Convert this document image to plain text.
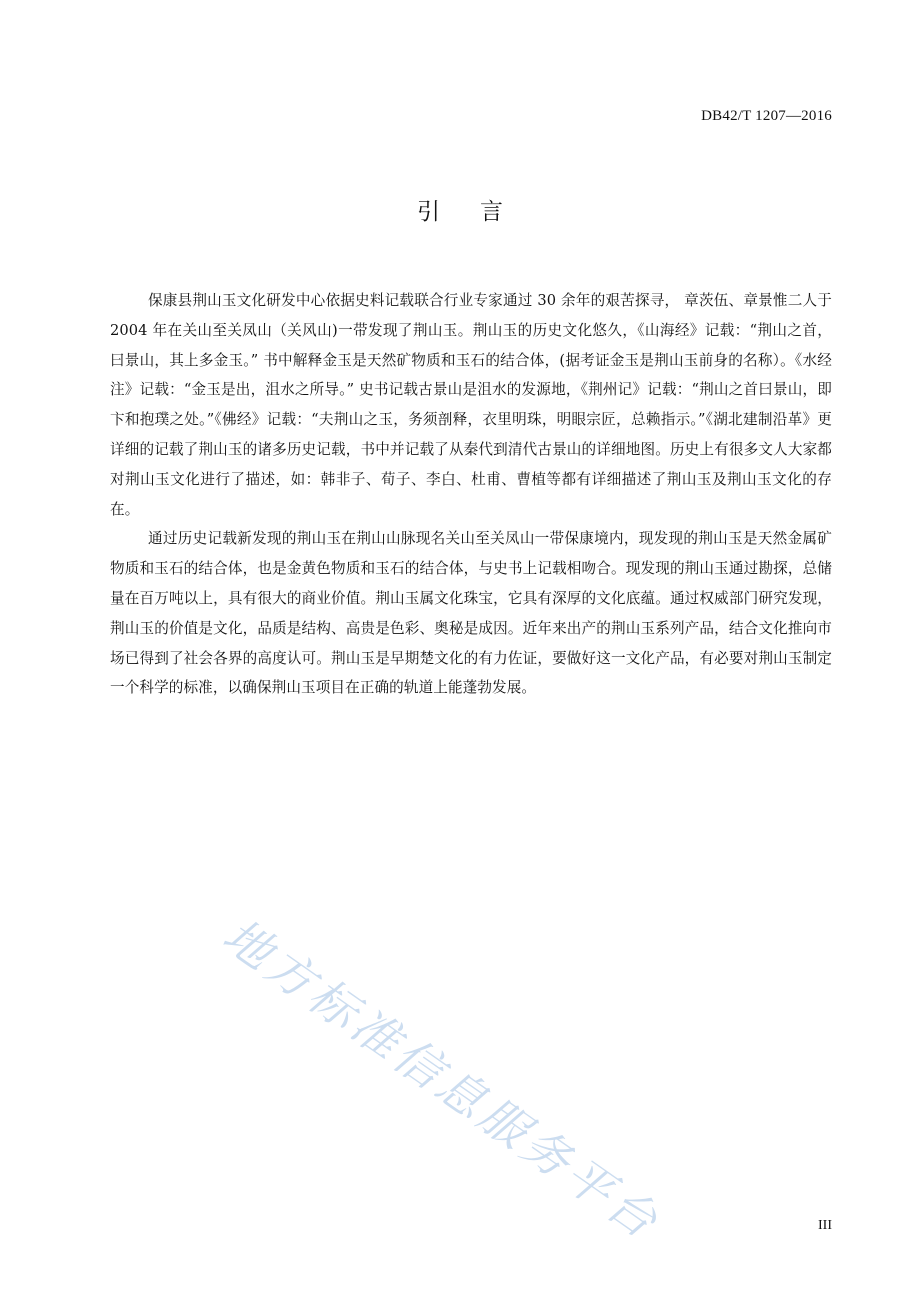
DB42/T 1207—2016
引言

保康县荆山玉文化研发中心依据史料记载联合行业专家通过 30 余年的艰苦探寻， 章茨伍、章景惟二人于 2004 年在关山至关凤山（关风山)一带发现了荆山玉。荆山玉的历史文化悠久，《山海经》记载：“荆山之首，曰景山，其上多金玉。” 书中解释金玉是天然矿物质和玉石的结合体，(据考证金玉是荆山玉前身的名称）。《水经注》记载：“金玉是出，沮水之所导。” 史书记载古景山是沮水的发源地，《荆州记》记载：“荆山之首曰景山，即卞和抱璞之处。”《佛经》记载：“夫荆山之玉，务须剖释，衣里明珠，明眼宗匠，总赖指示。”《湖北建制沿革》更详细的记载了荆山玉的诸多历史记载，书中并记载了从秦代到清代古景山的详细地图。历史上有很多文人大家都对荆山玉文化进行了描述，如：韩非子、荀子、李白、杜甫、曹植等都有详细描述了荆山玉及荆山玉文化的存在。

通过历史记载新发现的荆山玉在荆山山脉现名关山至关凤山一带保康境内，现发现的荆山玉是天然金属矿物质和玉石的结合体，也是金黄色物质和玉石的结合体，与史书上记载相吻合。现发现的荆山玉通过勘探，总储量在百万吨以上，具有很大的商业价值。荆山玉属文化珠宝，它具有深厚的文化底蕴。通过权威部门研究发现，荆山玉的价值是文化，品质是结构、高贵是色彩、奥秘是成因。近年来出产的荆山玉系列产品，结合文化推向市场已得到了社会各界的高度认可。荆山玉是早期楚文化的有力佐证，要做好这一文化产品，有必要对荆山玉制定一个科学的标准，以确保荆山玉项目在正确的轨道上能蓬勃发展。

地方标准信息服务平台	III
